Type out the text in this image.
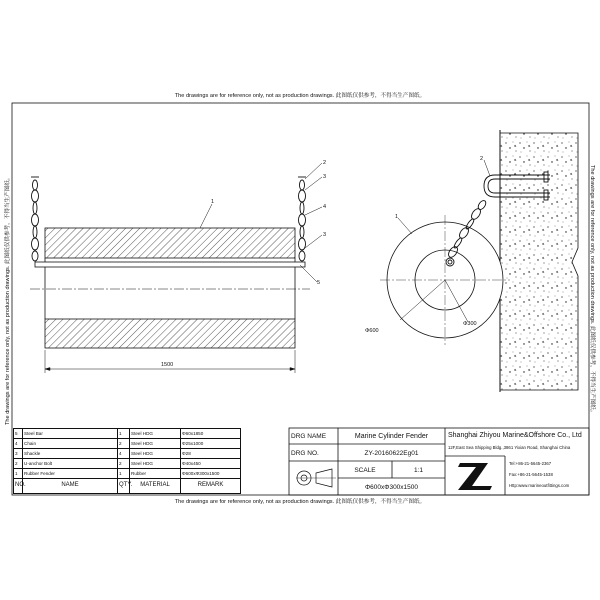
1
2
3
4
3
5
1500
2
1
Φ600
Φ300
The drawings are for reference only, not as production drawings. 此图纸仅供参考，不得当生产图纸。
The drawings are for reference only, not as production drawings. 此图纸仅供参考，不得当生产图纸。
The drawings are for reference only, not as production drawings. 此图纸仅供参考，不得当生产图纸。	The drawings are for reference only, not as production drawings. 此图纸仅供参考，不得当生产图纸。
5	Steel Bar	1	Steel HDG	Φ60x1850
4	Chain	2	Steel HDG	Φ25x1000
3	Shackle	4	Steel HDG	Φ28
2	U-anchor Bolt	2	Steel HDG	Φ40x450
1	Rubber Fender	1	Rubber	Φ600xΦ300x1500
NO.	NAME	QTY.	MATERIAL	REMARK
DRG NAME	Marine Cylinder Fender
DRG NO.	ZY-20160622Eg01
SCALE	1:1
Φ600xΦ300x1500
Shanghai Zhiyou Marine&Offshore Co., Ltd
12F,East Sea Shipping Bldg.,3861 Yixian Road, Shanghai China
Tel:+86-21-5645-2367
Fax:+86-21-5645-1538
Http:www.marineoutfittings.com
